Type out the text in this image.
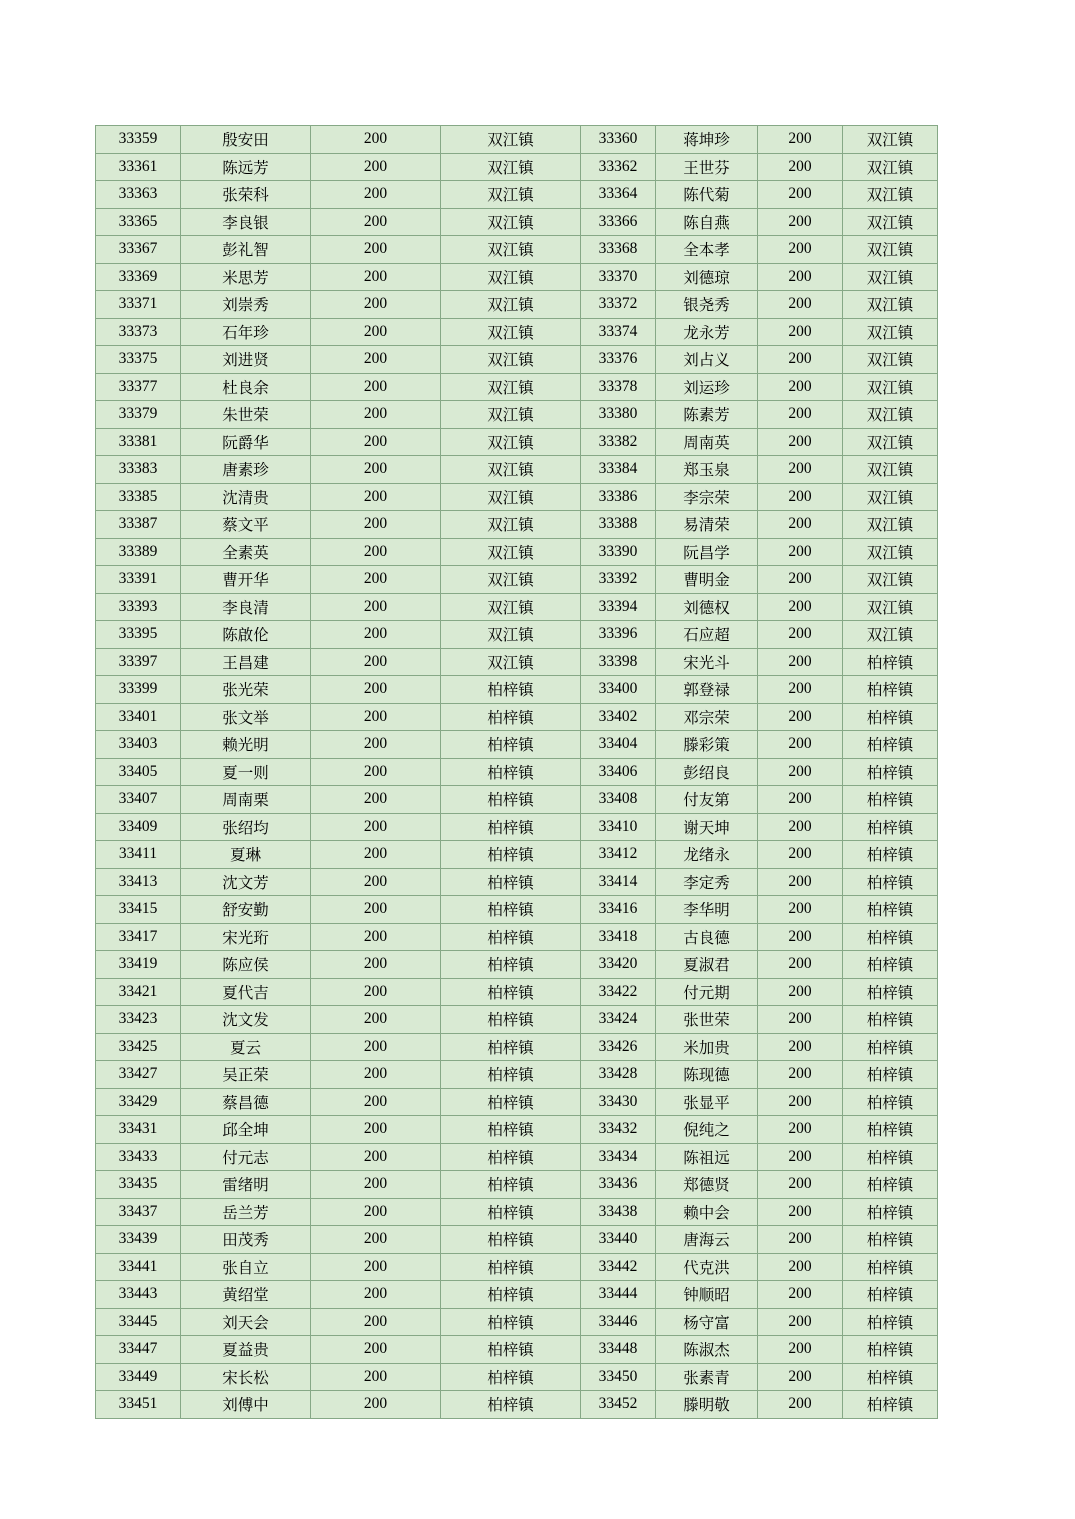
33359	殷安田	200	双江镇	33360	蒋坤珍	200	双江镇
33361	陈远芳	200	双江镇	33362	王世芬	200	双江镇
33363	张荣科	200	双江镇	33364	陈代菊	200	双江镇
33365	李良银	200	双江镇	33366	陈自燕	200	双江镇
33367	彭礼智	200	双江镇	33368	全本孝	200	双江镇
33369	米思芳	200	双江镇	33370	刘德琼	200	双江镇
33371	刘崇秀	200	双江镇	33372	银尧秀	200	双江镇
33373	石年珍	200	双江镇	33374	龙永芳	200	双江镇
33375	刘进贤	200	双江镇	33376	刘占义	200	双江镇
33377	杜良余	200	双江镇	33378	刘运珍	200	双江镇
33379	朱世荣	200	双江镇	33380	陈素芳	200	双江镇
33381	阮爵华	200	双江镇	33382	周南英	200	双江镇
33383	唐素珍	200	双江镇	33384	郑玉泉	200	双江镇
33385	沈清贵	200	双江镇	33386	李宗荣	200	双江镇
33387	蔡文平	200	双江镇	33388	易清荣	200	双江镇
33389	全素英	200	双江镇	33390	阮昌学	200	双江镇
33391	曹开华	200	双江镇	33392	曹明金	200	双江镇
33393	李良清	200	双江镇	33394	刘德权	200	双江镇
33395	陈啟伦	200	双江镇	33396	石应超	200	双江镇
33397	王昌建	200	双江镇	33398	宋光斗	200	柏梓镇
33399	张光荣	200	柏梓镇	33400	郭登禄	200	柏梓镇
33401	张文举	200	柏梓镇	33402	邓宗荣	200	柏梓镇
33403	赖光明	200	柏梓镇	33404	滕彩策	200	柏梓镇
33405	夏一则	200	柏梓镇	33406	彭绍良	200	柏梓镇
33407	周南栗	200	柏梓镇	33408	付友第	200	柏梓镇
33409	张绍均	200	柏梓镇	33410	谢天坤	200	柏梓镇
33411	夏琳	200	柏梓镇	33412	龙绪永	200	柏梓镇
33413	沈文芳	200	柏梓镇	33414	李定秀	200	柏梓镇
33415	舒安勤	200	柏梓镇	33416	李华明	200	柏梓镇
33417	宋光珩	200	柏梓镇	33418	古良德	200	柏梓镇
33419	陈应侯	200	柏梓镇	33420	夏淑君	200	柏梓镇
33421	夏代吉	200	柏梓镇	33422	付元期	200	柏梓镇
33423	沈文发	200	柏梓镇	33424	张世荣	200	柏梓镇
33425	夏云	200	柏梓镇	33426	米加贵	200	柏梓镇
33427	吴正荣	200	柏梓镇	33428	陈现德	200	柏梓镇
33429	蔡昌德	200	柏梓镇	33430	张显平	200	柏梓镇
33431	邱全坤	200	柏梓镇	33432	倪纯之	200	柏梓镇
33433	付元志	200	柏梓镇	33434	陈祖远	200	柏梓镇
33435	雷绪明	200	柏梓镇	33436	郑德贤	200	柏梓镇
33437	岳兰芳	200	柏梓镇	33438	赖中会	200	柏梓镇
33439	田茂秀	200	柏梓镇	33440	唐海云	200	柏梓镇
33441	张自立	200	柏梓镇	33442	代克洪	200	柏梓镇
33443	黄绍堂	200	柏梓镇	33444	钟顺昭	200	柏梓镇
33445	刘天会	200	柏梓镇	33446	杨守富	200	柏梓镇
33447	夏益贵	200	柏梓镇	33448	陈淑杰	200	柏梓镇
33449	宋长松	200	柏梓镇	33450	张素青	200	柏梓镇
33451	刘傅中	200	柏梓镇	33452	滕明敬	200	柏梓镇
